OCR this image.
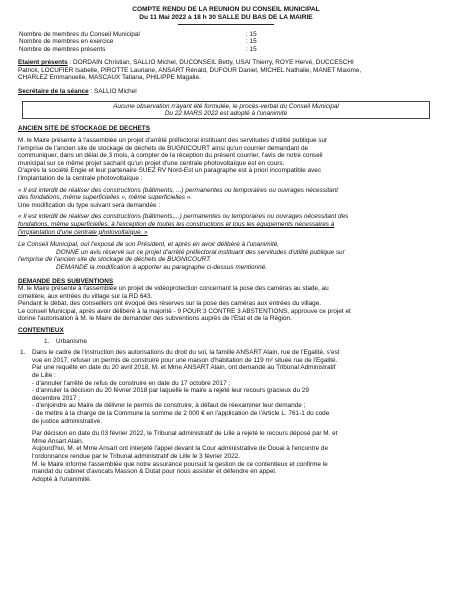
COMPTE RENDU DE LA REUNION DU CONSEIL MUNICIPAL
Du 11 Mai 2022 à 18 h 30 SALLE DU BAS DE LA MAIRIE
Nombre de membres du Conseil Municipal	: 15
Nombre de membres en exercice	: 15
Nombre de membres présents	: 15

Etaient présents : DORDAIN Christian, SALLIO Michel, DUCONSEIL Betty, USAI Thierry, ROYE Hervé, DUCCESCHI

Patrick, LOCUFIER Isabelle, PIROTTE Lauriane, ANSART Rénald, DUFOUR Daniel, MICHEL Nathalie, MANET Maxime,

CHARLEZ Emmanuelle, MASCAUX Tatiana, PHILIPPE Magalie.

Secrétaire de la séance : SALLIO Michel

Aucune observation n'ayant été formulée, le procès-verbal du Conseil Municipal
Du 22 MARS 2022 est adopté à l'unanimité

ANCIEN SITE DE STOCKAGE DE DECHETS

M. le Maire présente à l'assemblée un projet d'arrêté préfectoral instituant des servitudes d'utilité publique sur

l'emprise de l'ancien site de stockage de déchets de BUGNICOURT ainsi qu'un courrier demandant de

communiquer, dans un délai de 3 mois, à compter de la réception du présent courrier, l'avis de notre conseil

municipal sur ce même projet sachant qu'un projet d'une centrale photovoltaïque est en cours.

D'après la société Engie et leur partenaire SUEZ RV Nord-Est un paragraphe est à priori incompatible avec

l'implantation de la centrale photovoltaïque :

« Il est interdit de réaliser des constructions (bâtiments, ...) permanentes ou temporaires ou ouvrages nécessitant

des fondations, même superficielles », même superficielles ».

Une modification du type suivant sera demandée :

« Il est interdit de réaliser des constructions (bâtiments,...) permanentes ou temporaires ou ouvrages nécessitant des

fondations, même superficielles, à l'exception de toutes les constructions et tous les équipements nécessaires à

l'implantation d'une centrale photovoltaïque. »

Le Conseil Municipal, ouï l'exposé de son Président, et après en avoir délibéré à l'unanimité,

DONNE un avis réservé sur ce projet d'arrêté préfectoral instituant des servitudes d'utilité publique sur

l'emprise de l'ancien site de stockage de déchets de BUGNICOURT.

DEMANDE la modification à apporter au paragraphe ci-dessus mentionné.

DEMANDE DES SUBVENTIONS

M. le Maire présente à l'assemblée un projet de vidéoprotection concernant la pose des caméras au stade, au

cimetière, aux entrées du village sur la RD 643.

Pendant le débat, des conseillers ont évoqué des réserves sur la pose des caméras aux entrées du village.

Le conseil Municipal, après avoir délibéré à la majorité - 9 POUR 3 CONTRE 3 ABSTENTIONS, approuve ce projet et

donne l'autorisation à M. le Maire de demander des subventions auprès de l'Etat et de la Région.

CONTENTIEUX

1. Urbanisme

1. Dans le cadre de l'instruction des autorisations du droit du sol, la famille ANSART Alain, rue de l'Egalité, s'est

vue en 2017, refuser un permis de construire pour une maison d'habitation de 119 m² située rue de l'Egalité.

Par une requête en date du 20 avril 2018, M. et Mme ANSART Alain, ont demandé au Tribunal Administratif

de Lille :

- d'annuler l'arrêté de refus de construire en date du 17 octobre 2017 ;

- d'annuler la décision du 20 février 2018 par laquelle le maire a rejeté leur recours gracieux du 29

décembre 2017 ;

- d'enjoindre au Maire de délivrer le permis de construire, à défaut de réexaminer leur demande ;

- de mettre à la charge de la Commune la somme de 2 000 € en l'application de l'Article L. 761-1 du code

de justice administrative.

Par décision en date du 03 février 2022, le Tribunal administratif de Lille a rejeté le recours déposé par M. et

Mme Ansart Alain.

Aujourd'hui, M. et Mme Ansart ont interjeté l'appel devant la Cour administrative de Douai à l'encontre de

l'ordonnance rendue par le Tribunal administratif de Lille le 3 février 2022.

M. le Maire informe l'assemblée que notre assurance poursuit la gestion de ce contentieux et confirme le

mandat du cabinet d'avocats Masson & Dutat pour nous assister et défendre en appel.

Adopté à l'unanimité.
